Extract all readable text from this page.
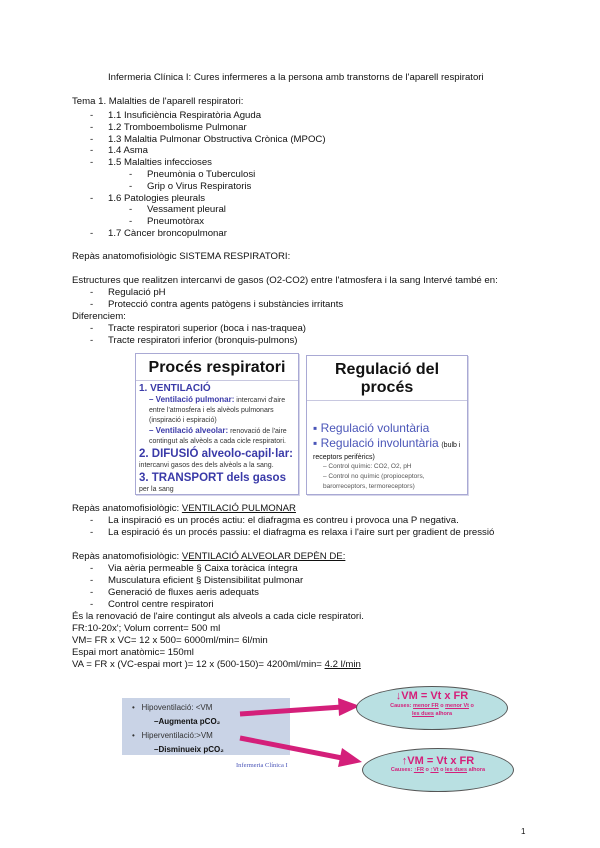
Infermeria Clínica I: Cures infermeres a la persona amb transtorns de l'aparell respiratori
Tema 1. Malalties de l'aparell respiratori:
- 1.1 Insuficiència Respiratòria Aguda
- 1.2 Tromboembolisme Pulmonar
- 1.3 Malaltia Pulmonar Obstructiva Crònica (MPOC)
- 1.4 Asma
- 1.5 Malalties infeccioses
- Pneumònia o Tuberculosi
- Grip o Virus Respiratoris
- 1.6 Patologies pleurals
- Vessament pleural
- Pneumotòrax
- 1.7 Càncer broncopulmonar
Repàs anatomofisiològic SISTEMA RESPIRATORI:
Estructures que realitzen intercanvi de gasos (O2-CO2) entre l'atmosfera i la sang Intervé també en:
- Regulació pH
- Protecció contra agents patògens i substàncies irritants
Diferenciem:
- Tracte respiratori superior (boca i nas-traquea)
- Tracte respiratori inferior (bronquis-pulmons)
Procés respiratori

1. VENTILACIÓ

– Ventilació pulmonar: intercanvi d'aire entre l'atmosfera i els alvèols pulmonars (inspiració i espiració)

– Ventilació alveolar: renovació de l'aire contingut als alvèols a cada cicle respiratori.

2. DIFUSIÓ alveolo-capil·lar: intercanvi gasos des dels alvèols a la sang.

3. TRANSPORT dels gasos per la sang

Regulació del procés
▪ Regulació voluntària
▪ Regulació involuntària (bulb i receptors perifèrics)
– Control químic: CO2, O2, pH
– Control no químic (propioceptors, barorreceptors, termoreceptors)
Repàs anatomofisiològic: VENTILACIÓ PULMONAR
- La inspiració es un procés actiu: el diafragma es contreu i provoca una P negativa.
- La espiració és un procés passiu: el diafragma es relaxa i l'aire surt per gradient de pressió
Repàs anatomofisiològic: VENTILACIÓ ALVEOLAR DEPÈN DE:
- Via aèria permeable § Caixa toràcica íntegra
- Musculatura eficient § Distensibilitat pulmonar
- Generació de fluxes aeris adequats
- Control centre respiratori
És la renovació de l'aire contingut als alveols a cada cicle respiratori.
FR:10-20x'; Volum corrent= 500 ml
VM= FR x VC= 12 x 500= 6000ml/min= 6l/min
Espai mort anatòmic= 150ml
VA = FR x (VC-espai mort )= 12 x (500-150)= 4200ml/min= 4.2 l/min
•   Hipoventilació: <VM
–Augmenta pCO₂
•   Hiperventilació:>VM
–Disminueix pCO₂
↓VM = Vt x FR
Causes: menor FR o menor Vt o
les dues alhora
↑VM = Vt x FR
Causes: ↑FR o ↑Vt o les dues alhora
Infermeria Clínica I
1
